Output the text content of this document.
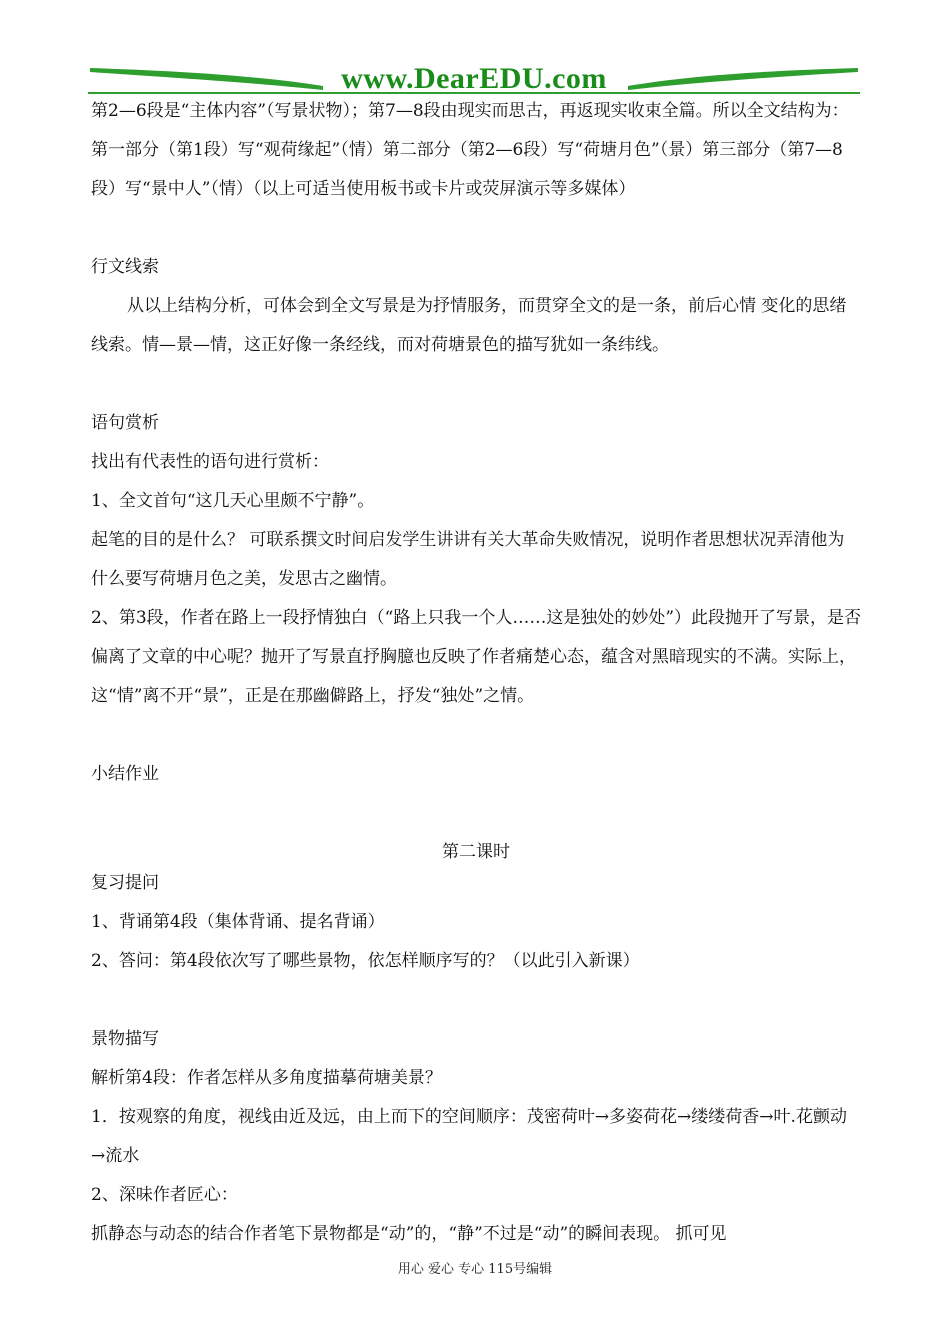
www.DearEDU.com

第2—6段是“主体内容”（写景状物）；第7—8段由现实而思古，再返现实收束全篇。所以全文结构为：第一部分（第1段）写“观荷缘起”（情）第二部分（第2—6段）写“荷塘月色”（景）第三部分（第7—8段）写“景中人”（情）（以上可适当使用板书或卡片或荧屏演示等多媒体）

行文线索

从以上结构分析，可体会到全文写景是为抒情服务，而贯穿全文的是一条，前后心情 变化的思绪线索。情—景—情，这正好像一条经线，而对荷塘景色的描写犹如一条纬线。

语句赏析

找出有代表性的语句进行赏析：

1、全文首句“这几天心里颇不宁静”。

起笔的目的是什么？ 可联系撰文时间启发学生讲讲有关大革命失败情况，说明作者思想状况弄清他为什么要写荷塘月色之美，发思古之幽情。

2、第3段，作者在路上一段抒情独白（“路上只我一个人……这是独处的妙处”）此段抛开了写景，是否偏离了文章的中心呢？抛开了写景直抒胸臆也反映了作者痛楚心态，蕴含对黑暗现实的不满。实际上，这“情”离不开“景”，正是在那幽僻路上，抒发“独处”之情。

小结作业

第二课时

复习提问

1、背诵第4段（集体背诵、提名背诵）

2、答问：第4段依次写了哪些景物，依怎样顺序写的？（以此引入新课）

景物描写

解析第4段：作者怎样从多角度描摹荷塘美景？

1．按观察的角度，视线由近及远，由上而下的空间顺序：茂密荷叶→多姿荷花→缕缕荷香→叶.花颤动→流水

2、深味作者匠心：

抓静态与动态的结合作者笔下景物都是“动”的，“静”不过是“动”的瞬间表现。 抓可见

用心 爱心 专心 115号编辑
